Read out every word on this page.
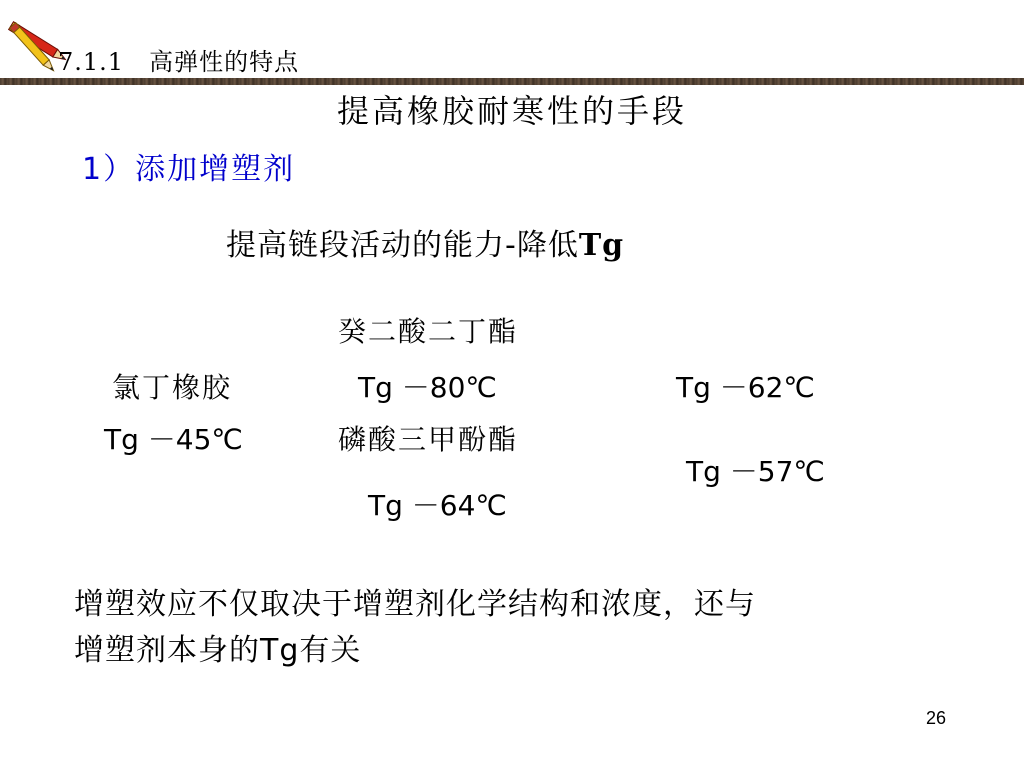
7.1.1　高弹性的特点
提高橡胶耐寒性的手段
1）添加增塑剂
提高链段活动的能力-降低Tg
癸二酸二丁酯
氯丁橡胶	Tg －80℃
Tg －45℃	磷酸三甲酚酯
Tg －62℃
Tg －57℃
Tg －64℃
增塑效应不仅取决于增塑剂化学结构和浓度，还与
增塑剂本身的Tg有关
26
